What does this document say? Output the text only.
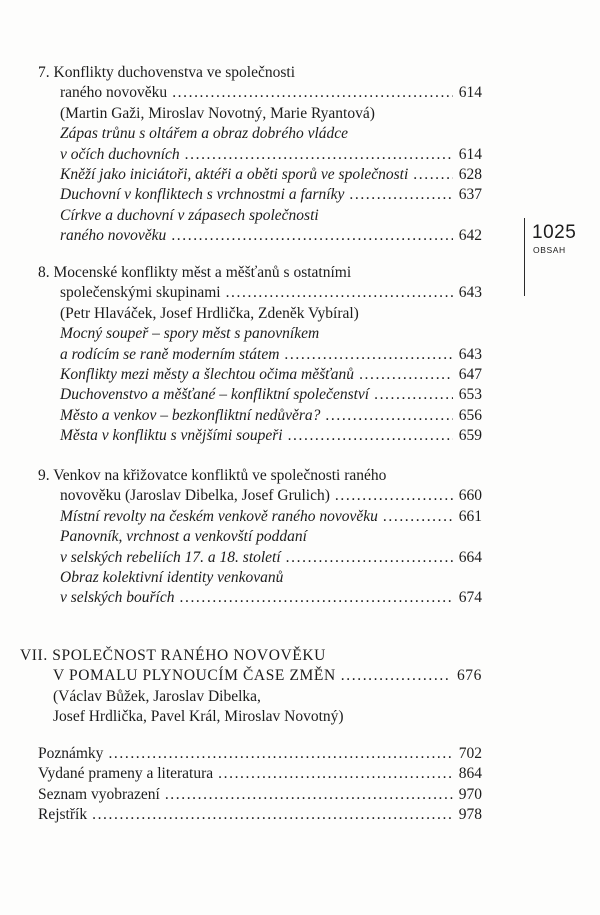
7. Konflikty duchovenstva ve společnosti
raného novověku .....	614
(Martin Gaži, Miroslav Novotný, Marie Ryantová)
Zápas trůnu s oltářem a obraz dobrého vládce
v očích duchovních .....	614
Kněží jako iniciátoři, aktéři a oběti sporů ve společnosti .....	628
Duchovní v konfliktech s vrchnostmi a farníky .....	637
Církve a duchovní v zápasech společnosti
raného novověku .....	642
8. Mocenské konflikty měst a měšťanů s ostatními
společenskými skupinami .....	643
(Petr Hlaváček, Josef Hrdlička, Zdeněk Vybíral)
Mocný soupeř – spory měst s panovníkem
a rodícím se raně moderním státem .....	643
Konflikty mezi městy a šlechtou očima měšťanů .....	647
Duchovenstvo a měšťané – konfliktní společenství .....	653
Město a venkov – bezkonfliktní nedůvěra? .....	656
Města v konfliktu s vnějšími soupeři .....	659
9. Venkov na křižovatce konfliktů ve společnosti raného
novověku (Jaroslav Dibelka, Josef Grulich) .....	660
Místní revolty na českém venkově raného novověku .....	661
Panovník, vrchnost a venkovští poddaní
v selských rebeliích 17. a 18. století .....	664
Obraz kolektivní identity venkovanů
v selských bouřích .....	674
VII. SPOLEČNOST RANÉHO NOVOVĚKU
V POMALU PLYNOUCÍM ČASE ZMĚN .....	676
(Václav Bůžek, Jaroslav Dibelka,
Josef Hrdlička, Pavel Král, Miroslav Novotný)
Poznámky .....	702
Vydané prameny a literatura .....	864
Seznam vyobrazení .....	970
Rejstřík .....	978
1025
OBSAH
